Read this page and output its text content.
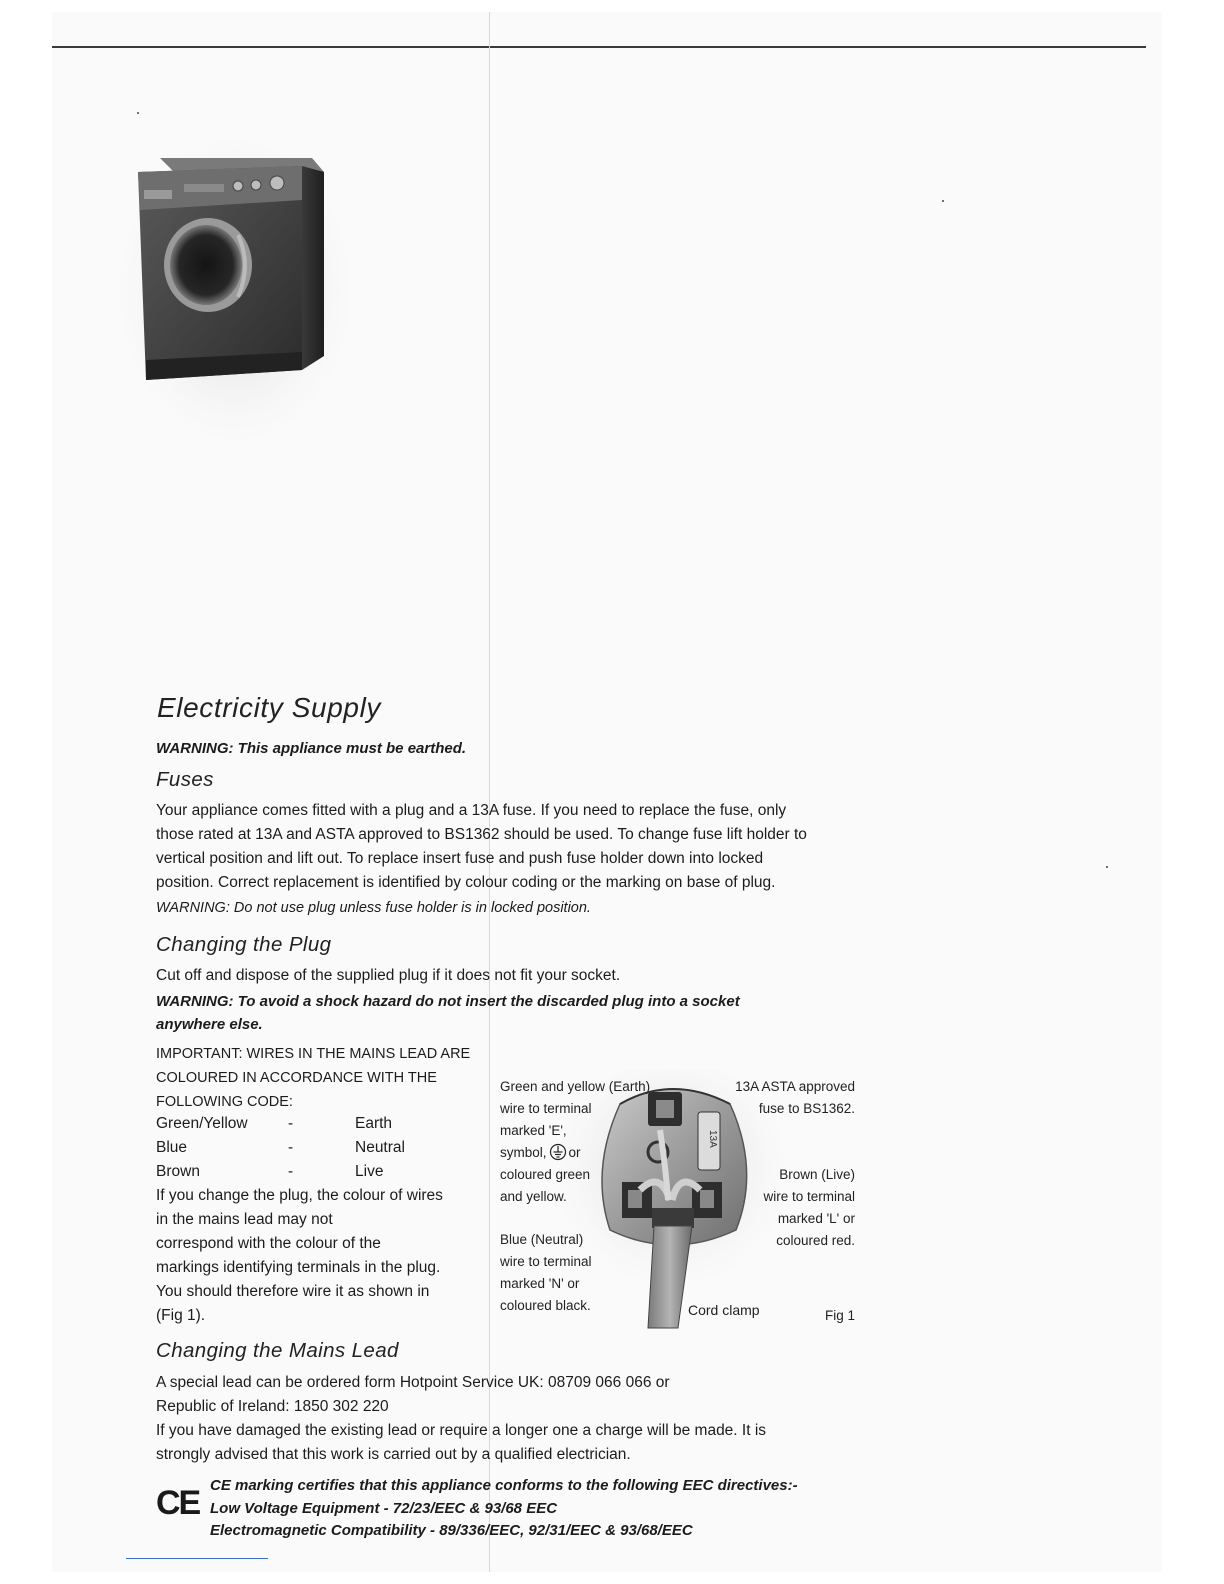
Electricity Supply
WARNING: This appliance must be earthed.
Fuses
Your appliance comes fitted with a plug and a 13A fuse. If you need to replace the fuse, only
those rated at 13A and ASTA approved to BS1362 should be used. To change fuse lift holder to
vertical position and lift out. To replace insert fuse and push fuse holder down into locked
position. Correct replacement is identified by colour coding or the marking on base of plug.
WARNING: Do not use plug unless fuse holder is in locked position.
Changing the Plug
Cut off and dispose of the supplied plug if it does not fit your socket.
WARNING: To avoid a shock hazard do not insert the discarded plug into a socket
anywhere else.
IMPORTANT: WIRES IN THE MAINS LEAD ARE
COLOURED IN ACCORDANCE WITH THE
FOLLOWING CODE:
Green/Yellow	-	Earth
Blue	-	Neutral
Brown	-	Live
If you change the plug, the colour of wires
in the mains lead may not
correspond with the colour of the
markings identifying terminals in the plug.
You should therefore wire it as shown in
(Fig 1).
13A
Green and yellow (Earth)
wire to terminal
marked 'E',
symbol, or
coloured green
and yellow.
13A ASTA approved
fuse to BS1362.
Brown (Live)
wire to terminal
marked 'L' or
coloured red.
Blue (Neutral)
wire to terminal
marked 'N' or
coloured black.	Cord clamp	Fig 1
Changing the Mains Lead
A special lead can be ordered form Hotpoint Service UK: 08709 066 066 or
Republic of Ireland: 1850 302 220
If you have damaged the existing lead or require a longer one a charge will be made. It is
strongly advised that this work is carried out by a qualified electrician.
CE CE marking certifies that this appliance conforms to the following EEC directives:-
Low Voltage Equipment - 72/23/EEC & 93/68 EEC
Electromagnetic Compatibility - 89/336/EEC, 92/31/EEC & 93/68/EEC
